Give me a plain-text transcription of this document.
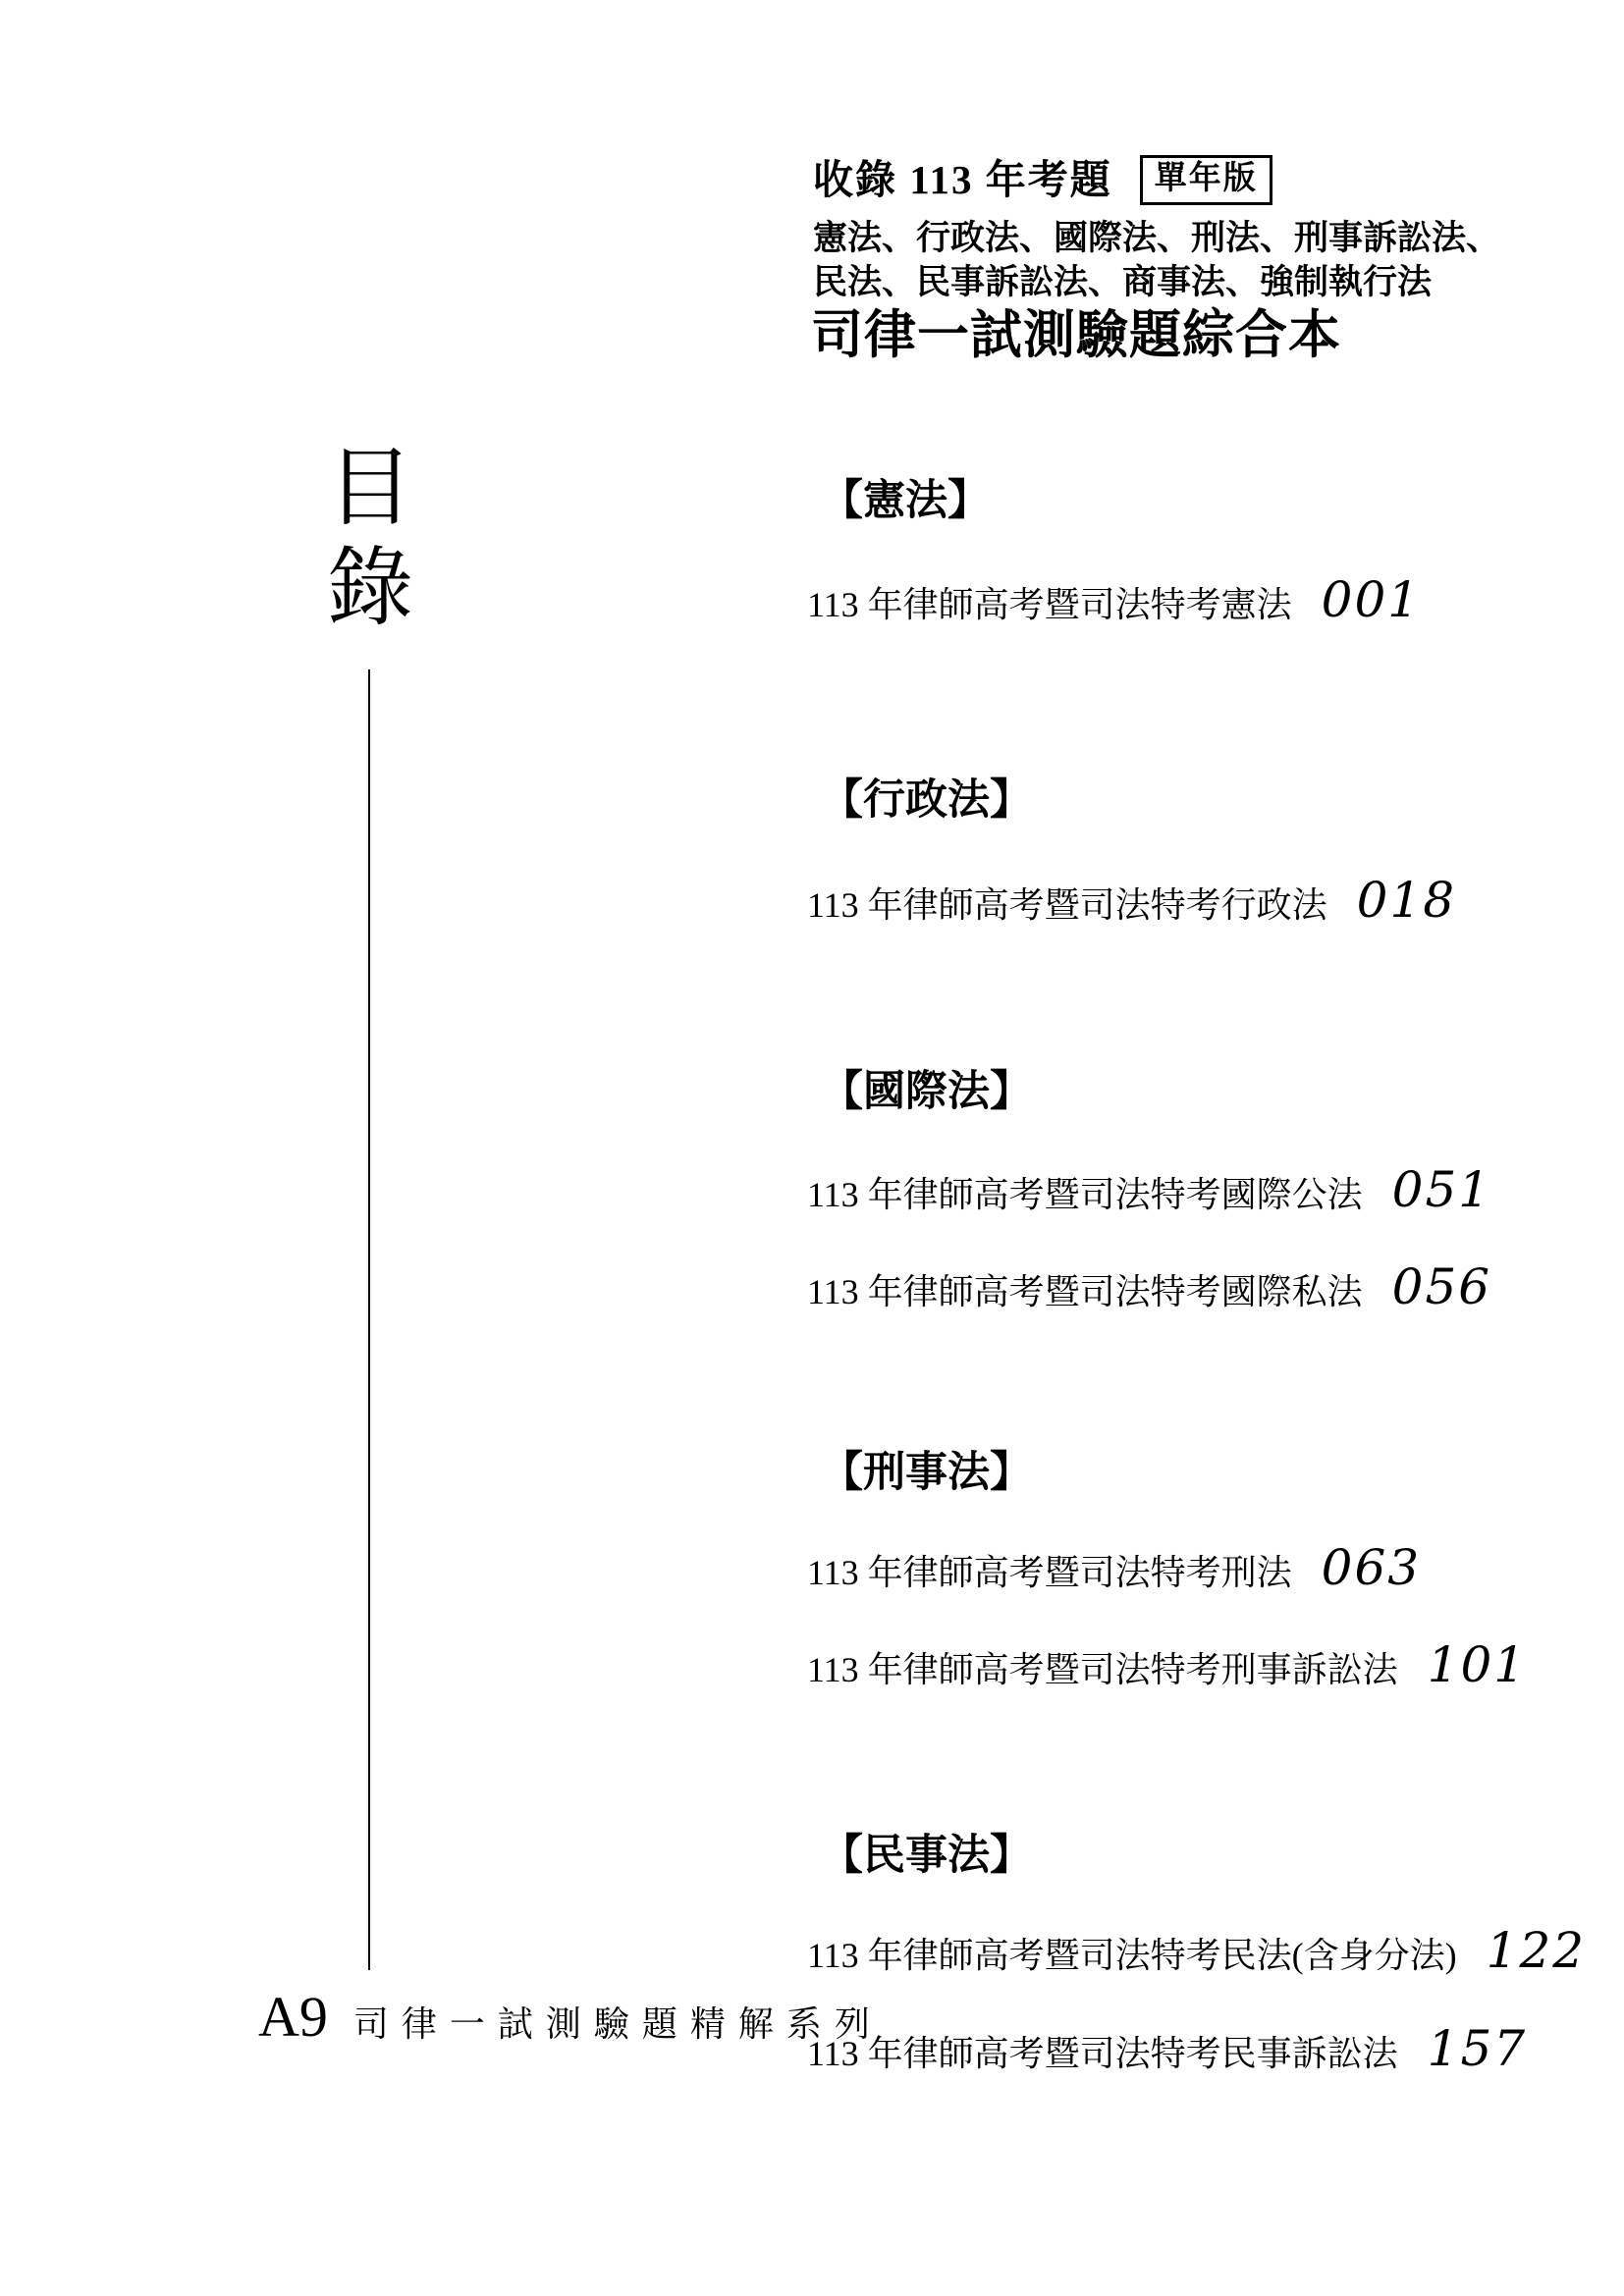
收錄 113 年考題	單年版
憲法、行政法、國際法、刑法、刑事訴訟法、
民法、民事訴訟法、商事法、強制執行法
司律一試測驗題綜合本
目
錄
【憲法】
113 年律師高考暨司法特考憲法 001
【行政法】
113 年律師高考暨司法特考行政法 018
【國際法】
113 年律師高考暨司法特考國際公法 051
113 年律師高考暨司法特考國際私法 056
【刑事法】
113 年律師高考暨司法特考刑法 063
113 年律師高考暨司法特考刑事訴訟法 101
【民事法】
113 年律師高考暨司法特考民法(含身分法) 122
113 年律師高考暨司法特考民事訴訟法 157
A9 司律一試測驗題精解系列
